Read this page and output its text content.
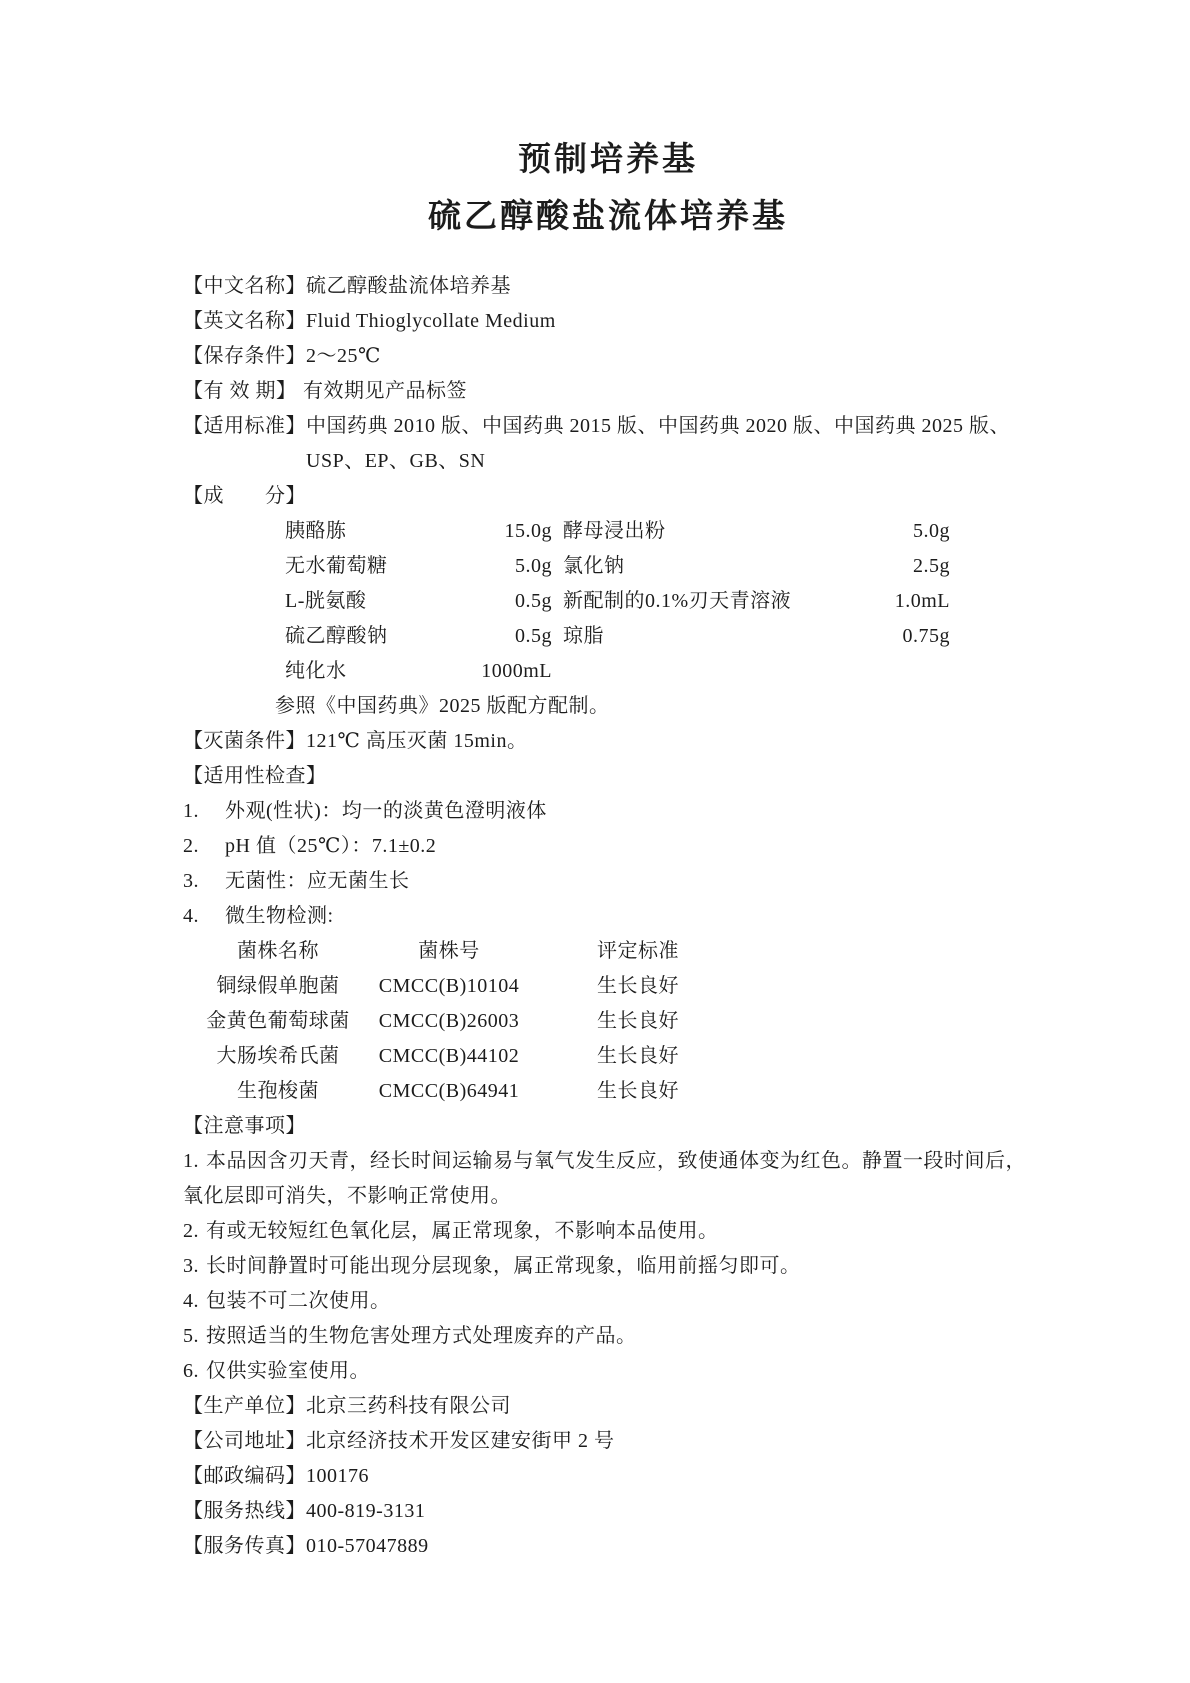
预制培养基
硫乙醇酸盐流体培养基
【中文名称】 硫乙醇酸盐流体培养基
【英文名称】 Fluid Thioglycollate Medium
【保存条件】 2～25℃
【有 效 期】 有效期见产品标签
【适用标准】 中国药典 2010 版、中国药典 2015 版、中国药典 2020 版、中国药典 2025 版、
USP、EP、GB、SN
【成　　分】
胰酪胨	15.0g 酵母浸出粉	5.0g
无水葡萄糖	5.0g 氯化钠	2.5g
L-胱氨酸	0.5g 新配制的0.1%刃天青溶液	1.0mL
硫乙醇酸钠	0.5g 琼脂	0.75g
纯化水	1000mL
参照《中国药典》2025 版配方配制。
【灭菌条件】 121℃ 高压灭菌 15min。
【适用性检查】
1.	外观(性状)：均一的淡黄色澄明液体
2.	pH 值（25℃）：7.1±0.2
3.	无菌性：应无菌生长
4.	微生物检测:
菌株名称	菌株号	评定标准
铜绿假单胞菌	CMCC(B)10104	生长良好
金黄色葡萄球菌	CMCC(B)26003	生长良好
大肠埃希氏菌	CMCC(B)44102	生长良好
生孢梭菌	CMCC(B)64941	生长良好
【注意事项】

1. 本品因含刃天青，经长时间运输易与氧气发生反应，致使通体变为红色。静置一段时间后，氧化层即可消失，不影响正常使用。

2. 有或无较短红色氧化层，属正常现象，不影响本品使用。

3. 长时间静置时可能出现分层现象，属正常现象，临用前摇匀即可。

4. 包装不可二次使用。

5. 按照适当的生物危害处理方式处理废弃的产品。

6. 仅供实验室使用。

【生产单位】 北京三药科技有限公司
【公司地址】 北京经济技术开发区建安街甲 2 号
【邮政编码】 100176
【服务热线】 400-819-3131
【服务传真】 010-57047889
